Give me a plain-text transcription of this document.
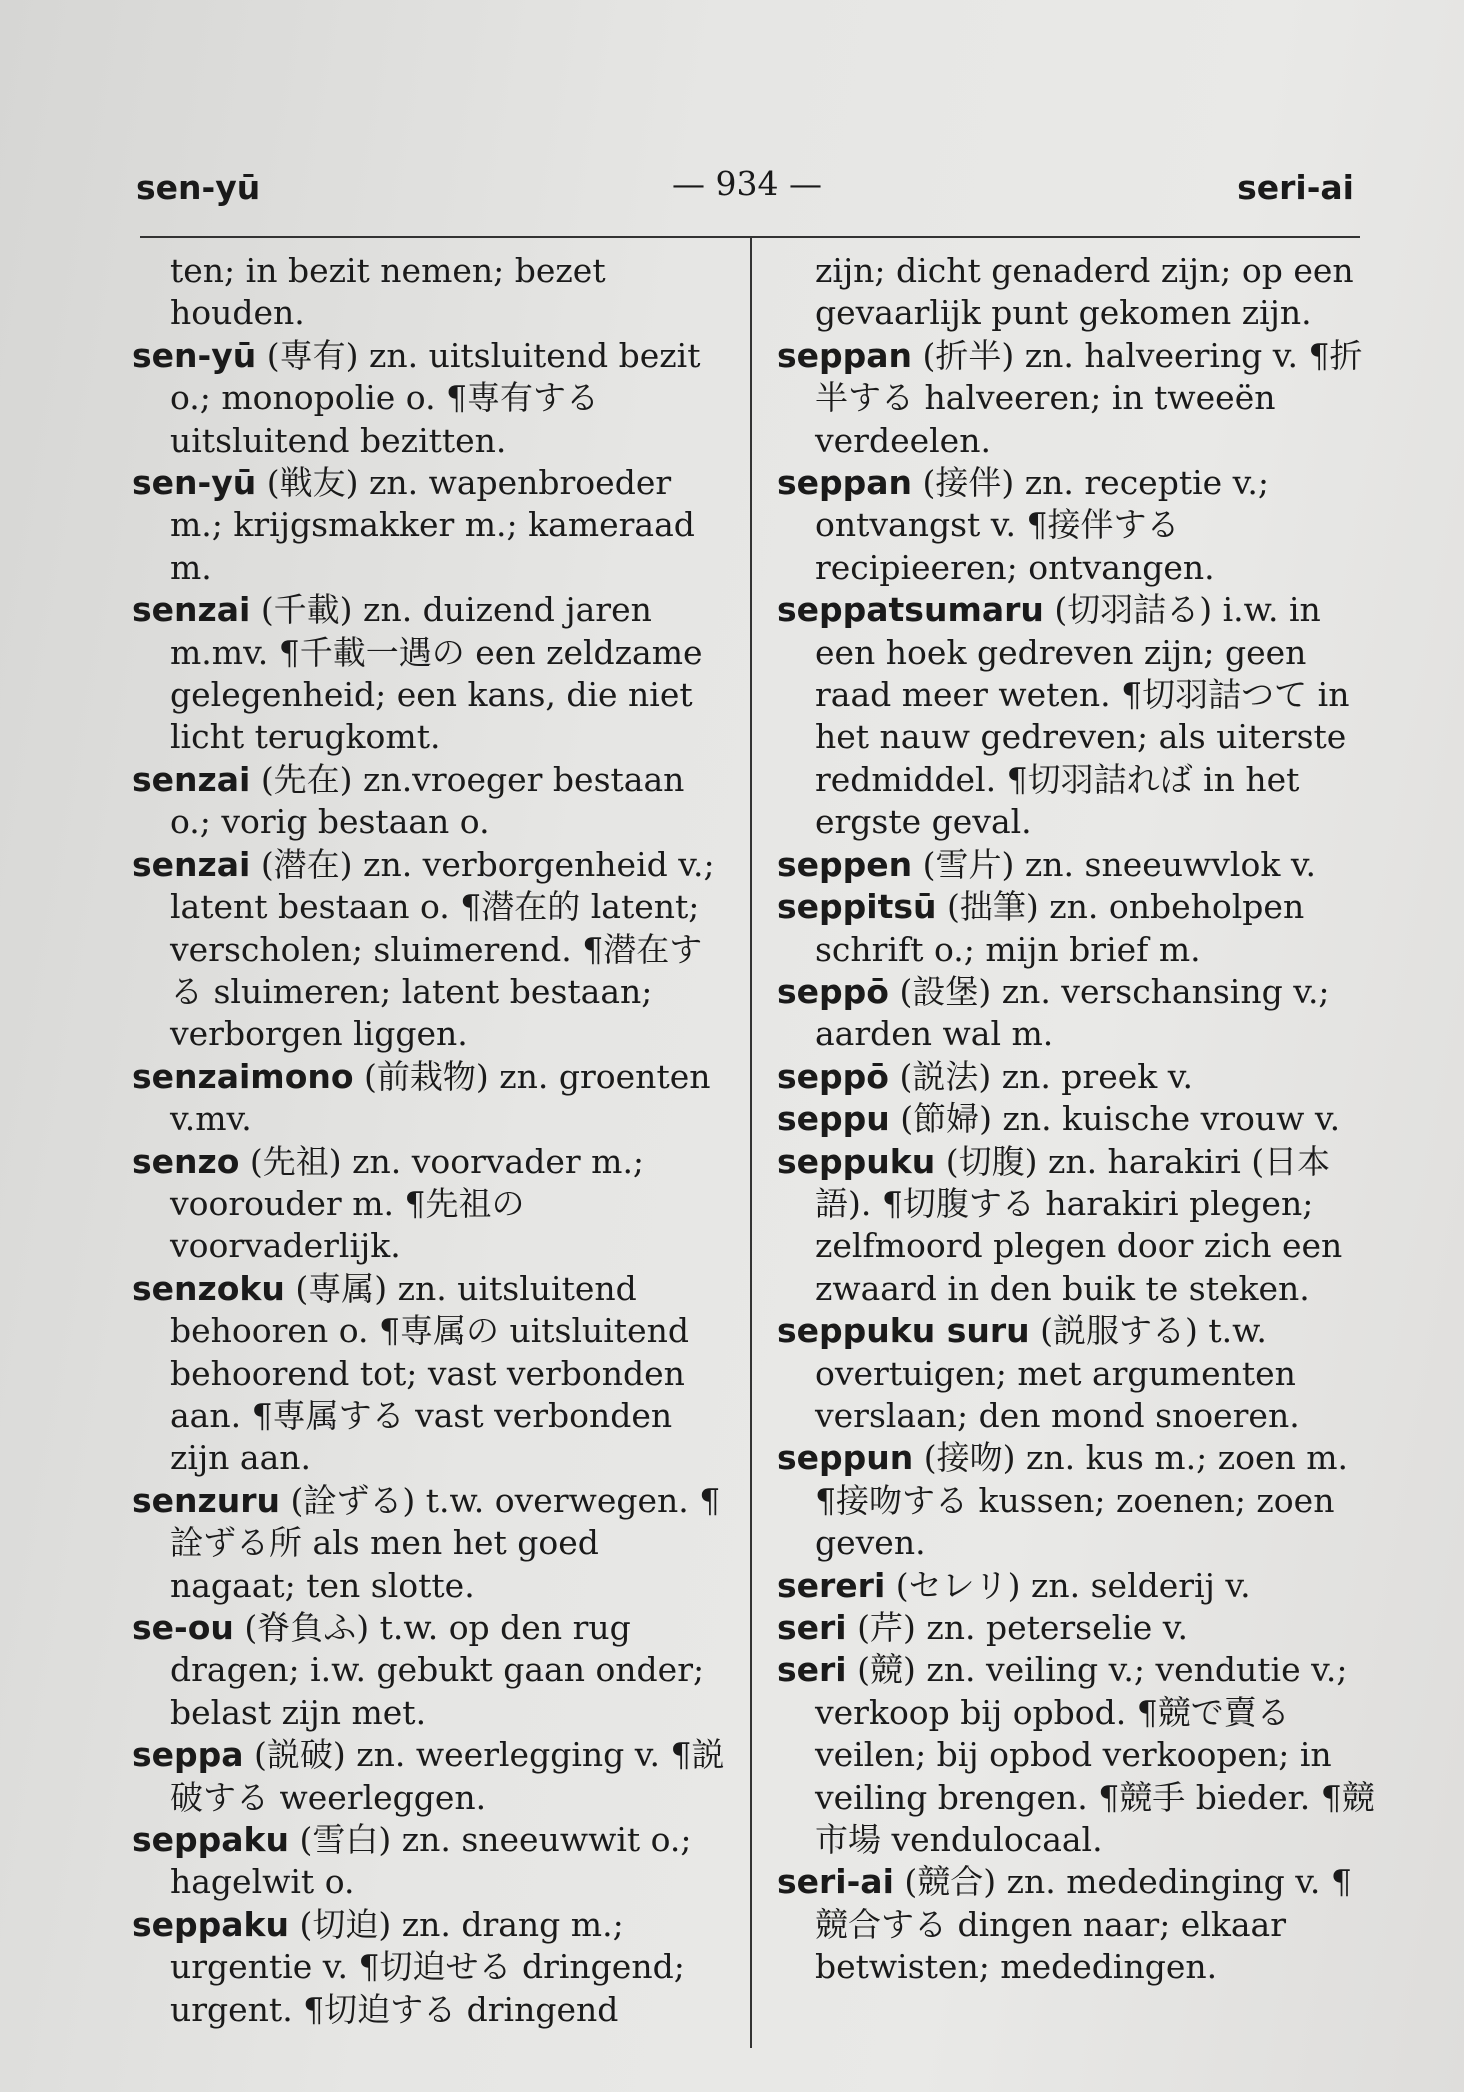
sen-yū	— 934 —	seri-ai
ten; in bezit nemen; bezet houden.
sen-yū (専有) zn. uitsluitend bezit o.; monopolie o. ¶専有する uitsluitend bezitten.
sen-yū (戦友) zn. wapenbroeder m.; krijgsmakker m.; kameraad m.
senzai (千載) zn. duizend jaren m.mv. ¶千載一遇の een zeldzame gelegenheid; een kans, die niet licht terugkomt.
senzai (先在) zn.vroeger bestaan o.; vorig bestaan o.
senzai (潜在) zn. verborgenheid v.; latent bestaan o. ¶潜在的 latent; verscholen; sluimerend. ¶潜在する sluimeren; latent bestaan; verborgen liggen.
senzaimono (前栽物) zn. groenten v.mv.
senzo (先祖) zn. voorvader m.; voorouder m. ¶先祖の voorvaderlijk.
senzoku (専属) zn. uitsluitend behooren o. ¶専属の uitsluitend behoorend tot; vast verbonden aan. ¶専属する vast verbonden zijn aan.
senzuru (詮ずる) t.w. overwegen. ¶詮ずる所 als men het goed nagaat; ten slotte.
se-ou (脊負ふ) t.w. op den rug dragen; i.w. gebukt gaan onder; belast zijn met.
seppa (説破) zn. weerlegging v. ¶説破する weerleggen.
seppaku (雪白) zn. sneeuwwit o.; hagelwit o.
seppaku (切迫) zn. drang m.; urgentie v. ¶切迫せる dringend; urgent. ¶切迫する dringend
zijn; dicht genaderd zijn; op een gevaarlijk punt gekomen zijn.
seppan (折半) zn. halveering v. ¶折半する halveeren; in tweeën verdeelen.
seppan (接伴) zn. receptie v.; ontvangst v. ¶接伴する recipieeren; ontvangen.
seppatsumaru (切羽詰る) i.w. in een hoek gedreven zijn; geen raad meer weten. ¶切羽詰つて in het nauw gedreven; als uiterste redmiddel. ¶切羽詰れば in het ergste geval.
seppen (雪片) zn. sneeuwvlok v.
seppitsū (拙筆) zn. onbeholpen schrift o.; mijn brief m.
seppō (設堡) zn. verschansing v.; aarden wal m.
seppō (説法) zn. preek v.
seppu (節婦) zn. kuische vrouw v.
seppuku (切腹) zn. harakiri (日本語). ¶切腹する harakiri plegen; zelfmoord plegen door zich een zwaard in den buik te steken.
seppuku suru (説服する) t.w. overtuigen; met argumenten verslaan; den mond snoeren.
seppun (接吻) zn. kus m.; zoen m. ¶接吻する kussen; zoenen; zoen geven.
sereri (セレリ) zn. selderij v.
seri (芹) zn. peterselie v.
seri (競) zn. veiling v.; vendutie v.; verkoop bij opbod. ¶競で賣る veilen; bij opbod verkoopen; in veiling brengen. ¶競手 bieder. ¶競市場 vendulocaal.
seri-ai (競合) zn. mededinging v. ¶競合する dingen naar; elkaar betwisten; mededingen.
